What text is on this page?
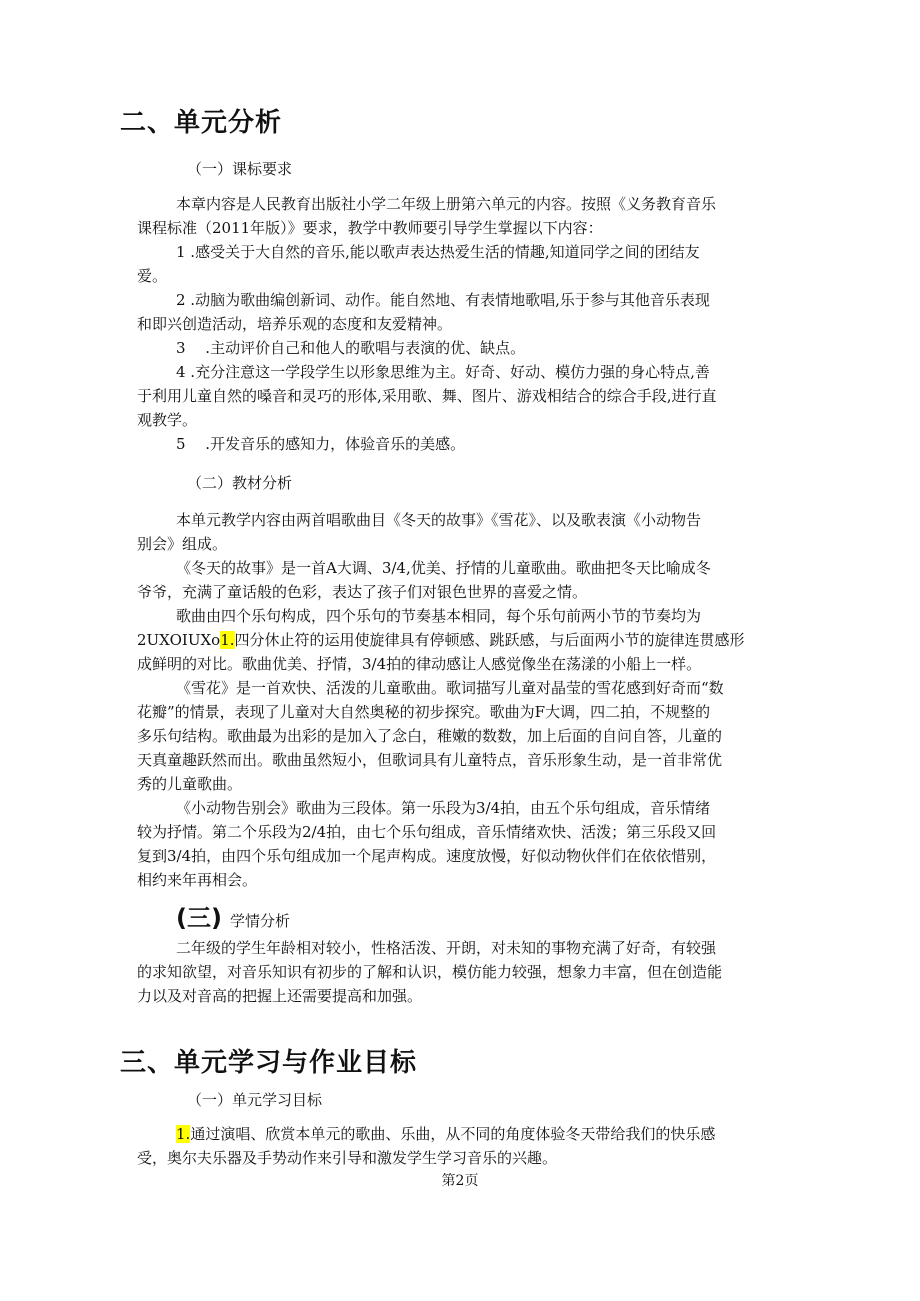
二、单元分析
（一）课标要求
本章内容是人民教育出版社小学二年级上册第六单元的内容。按照《义务教育音乐
课程标准（2011年版）》要求，教学中教师要引导学生掌握以下内容：
1 .感受关于大自然的音乐,能以歌声表达热爱生活的情趣,知道同学之间的团结友
爱。
2 .动脑为歌曲编创新词、动作。能自然地、有表情地歌唱,乐于参与其他音乐表现
和即兴创造活动，培养乐观的态度和友爱精神。
3　 .主动评价自己和他人的歌唱与表演的优、缺点。
4 .充分注意这一学段学生以形象思维为主。好奇、好动、模仿力强的身心特点,善
于利用儿童自然的嗓音和灵巧的形体,采用歌、舞、图片、游戏相结合的综合手段,进行直
观教学。
5　 .开发音乐的感知力，体验音乐的美感。
（二）教材分析
本单元教学内容由两首唱歌曲目《冬天的故事》《雪花》、以及歌表演《小动物告
别会》组成。
《冬天的故事》是一首A大调、3/4,优美、抒情的儿童歌曲。歌曲把冬天比喻成冬
爷爷，充满了童话般的色彩，表达了孩子们对银色世界的喜爱之情。
歌曲由四个乐句构成，四个乐句的节奏基本相同，每个乐句前两小节的节奏均为
2UXOIUXo1.四分休止符的运用使旋律具有停顿感、跳跃感，与后面两小节的旋律连贯感形
成鲜明的对比。歌曲优美、抒情，3/4拍的律动感让人感觉像坐在荡漾的小船上一样。
《雪花》是一首欢快、活泼的儿童歌曲。歌词描写儿童对晶莹的雪花感到好奇而“数
花瓣”的情景，表现了儿童对大自然奥秘的初步探究。歌曲为F大调，四二拍，不规整的
多乐句结构。歌曲最为出彩的是加入了念白，稚嫩的数数，加上后面的自问自答，儿童的
天真童趣跃然而出。歌曲虽然短小，但歌词具有儿童特点，音乐形象生动，是一首非常优
秀的儿童歌曲。
《小动物告别会》歌曲为三段体。第一乐段为3/4拍，由五个乐句组成，音乐情绪
较为抒情。第二个乐段为2/4拍，由七个乐句组成，音乐情绪欢快、活泼；第三乐段又回
复到3/4拍，由四个乐句组成加一个尾声构成。速度放慢，好似动物伙伴们在依依惜别，
相约来年再相会。
(三) 学情分析
二年级的学生年龄相对较小，性格活泼、开朗，对未知的事物充满了好奇，有较强
的求知欲望，对音乐知识有初步的了解和认识，模仿能力较强，想象力丰富，但在创造能
力以及对音高的把握上还需要提高和加强。
三、单元学习与作业目标
（一）单元学习目标
1.通过演唱、欣赏本单元的歌曲、乐曲，从不同的角度体验冬天带给我们的快乐感
受，奥尔夫乐器及手势动作来引导和激发学生学习音乐的兴趣。
第2页
